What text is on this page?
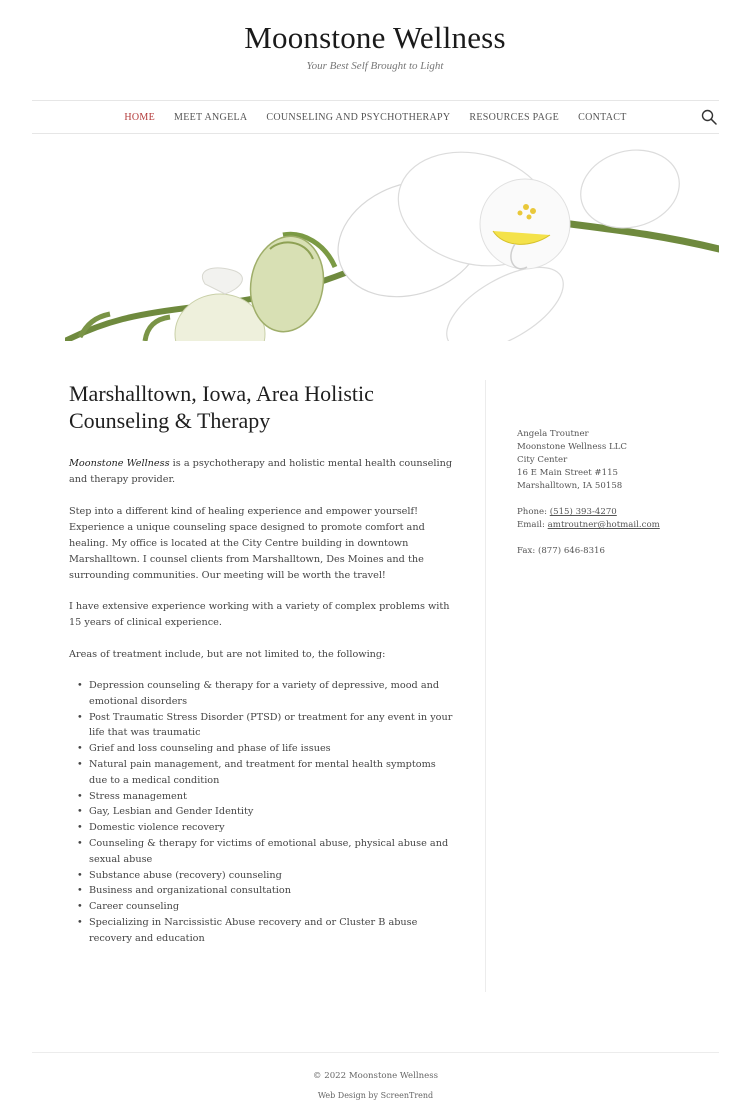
Moonstone Wellness
Your Best Self Brought to Light
HOME MEET ANGELA COUNSELING AND PSYCHOTHERAPY RESOURCES PAGE CONTACT
Marshalltown, Iowa, Area Holistic Counseling & Therapy

Moonstone Wellness is a psychotherapy and holistic mental health counseling and therapy provider.

Step into a different kind of healing experience and empower yourself! Experience a unique counseling space designed to promote comfort and healing. My office is located at the City Centre building in downtown Marshalltown. I counsel clients from Marshalltown, Des Moines and the surrounding communities. Our meeting will be worth the travel!

I have extensive experience working with a variety of complex problems with 15 years of clinical experience.

Areas of treatment include, but are not limited to, the following:

• Depression counseling & therapy for a variety of depressive, mood and emotional disorders
• Post Traumatic Stress Disorder (PTSD) or treatment for any event in your life that was traumatic
• Grief and loss counseling and phase of life issues
• Natural pain management, and treatment for mental health symptoms due to a medical condition
• Stress management
• Gay, Lesbian and Gender Identity
• Domestic violence recovery
• Counseling & therapy for victims of emotional abuse, physical abuse and sexual abuse
• Substance abuse (recovery) counseling
• Business and organizational consultation
• Career counseling
• Specializing in Narcissistic Abuse recovery and or Cluster B abuse recovery and education
Angela Troutner
Moonstone Wellness LLC
City Center
16 E Main Street #115
Marshalltown, IA 50158
Phone: (515) 393-4270
Email: amtroutner@hotmail.com
Fax: (877) 646-8316
© 2022 Moonstone Wellness
Web Design by ScreenTrend
